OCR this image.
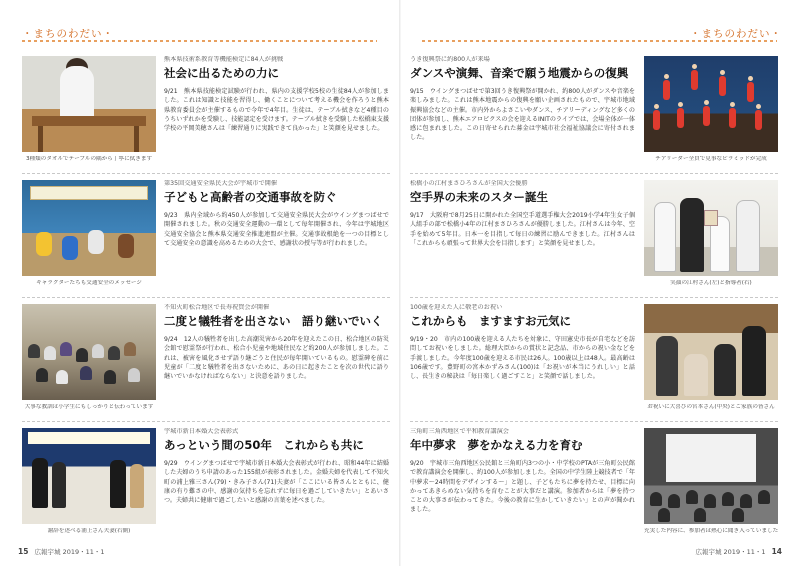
・まちのわだい・
3種類のタオルでテーブルの隅から丁寧に拭きます
熊本県技術系教育等機能検定に84人が挑戦
社会に出るための力に
9/21　熊本県技能検定試験が行われ、県内の支援学校5校の生徒84人が参加しました。これは知識と技能を習得し、働くことについて考える機会を作ろうと熊本県教育委員会が主催するもので今年で4年目。生徒は、テーブル拭きなど4種目のうちいずれかを受験し、技能認定を受けます。テーブル拭きを受験した松橋東支援学校の平岡美穂さんは「練習通りに実践できて良かった」と笑顔を見せました。
キャラクターたちも交通安全のメッセージ
第35回交通安全県民大会が宇城市で開催
子どもと高齢者の交通事故を防ぐ
9/23　県内全域から約450人が参加して交通安全県民大会がウイングまつばせで開催されました。秋の交通安全運動の一環として毎年開催され、今年は宇城地区交通安全協会と熊本県交通安全推進連盟が主催。交通事故根絶を一つの目標として交通安全の意識を高めるための大会で、感謝状の授与等が行われました。
大事な教訓は小学生にもしっかりと伝わっています
不知火町松合地区で長寿祝賀会が開催
二度と犠牲者を出さない　語り継いでいく
9/24　12人の犠牲者を出した高潮災害から20年を迎えたこの日、松合地区の防災会館で慰霊祭が行われ、松合小児童や地域住民など約200人が参加しました。これは、被害を風化させず語り継ごうと住民が毎年開いているもの。慰霊碑を前に児童が「二度と犠牲者を出さないために、あの日に起きたことを次の世代に語り継いでいかなければならない」と決意を語りました。
謝辞を述べる浦上さん夫妻(右側)
宇城市新日本婚大会表彰式
あっという間の50年　これからも共に
9/29　ウイングまつばせで宇城市新日本婚大会表彰式が行われ、昭和44年に結婚した夫婦のうち申請のあった155組が表彰されました。金婚夫婦を代表して不知火町の浦上雅三さん(79)・きみ子さん(71)夫妻が「ここにいる皆さんとともに、健康の有り難さの中、感謝の気持ちを忘れずに毎日を過ごしていきたい」とあいさつ。夫婦共に健康で過ごしたいと感謝の言葉を述べました。
15 広報宇城 2019・11・1
・まちのわだい・
チアリーダー全員で見事なピラミッドが完成
うき復興祭に約800人が来場
ダンスや演舞、音楽で願う地震からの復興
9/15　ウイングまつばせで第3回うき復興祭が開かれ、約800人がダンスや音楽を楽しみました。これは熊本地震からの復興を願い企画されたもので、宇城市地域振興協会などの主催。市内外からよさこいやダンス、チアリーディングなど多くの団体が参加し、熊本エアロビクスの会を迎えるINITのライブでは、会場全体が一体感に包まれました。この日寄せられた募金は宇城市社会福祉協議会に寄付されました。
笑顔の江村さん(左)と指導者(右)
松橋小の江村まさひろさんが全国大会優勝
空手界の未来のスター誕生
9/17　大阪府で8月25日に開かれた全国空手道選手権大会2019小学4年生女子個人組手の部で松橋小4年の江村まさひろさんが優勝しました。江村さんは今年、空手を始めて5年目。日本一を目指して毎日の練習に励んできました。江村さんは「これからも頑張って世界大会を目指します」と笑顔を見せました。
お祝いに大喜びの宮本さん(中央)とご家族の皆さん
100歳を迎えた人に敬老のお祝い
これからも　ますますお元気に
9/19・20　市内の100歳を迎える人たちを対象に、守田憲史市長が自宅などを訪問してお祝いをしました。総理大臣からの賞状と記念品、市からの祝い金などを手渡しました。今年度100歳を迎える市民は26人。100歳以上は48人。最高齢は106歳です。豊野町の宮本かずみさん(100)は「お祝いが本当にうれしい」と話し、長生きの秘訣は「毎日楽しく過ごすこと」と笑顔で話しました。
充実した内容に、参加者は熱心に聞き入っていました
三角町三角西地区で平和教育講演会
年中夢求　夢をかなえる力を育む
9/20　宇城市三角西地区公民館と三角町内3つの小・中学校のPTAが三角町公民館で教育講演会を開催し、約100人が参加しました。全国の中学生陸上競技者で「年中夢求～24時間をデザインする～」と題し、子どもたちに夢を持たせ、目標に向かってあきらめない気持ちを育むことが大事だと講演。参加者からは「夢を持つことの大事さが伝わってきた。今後の教育に生かしていきたい」との声が聞かれました。
広報宇城 2019・11・1 14
